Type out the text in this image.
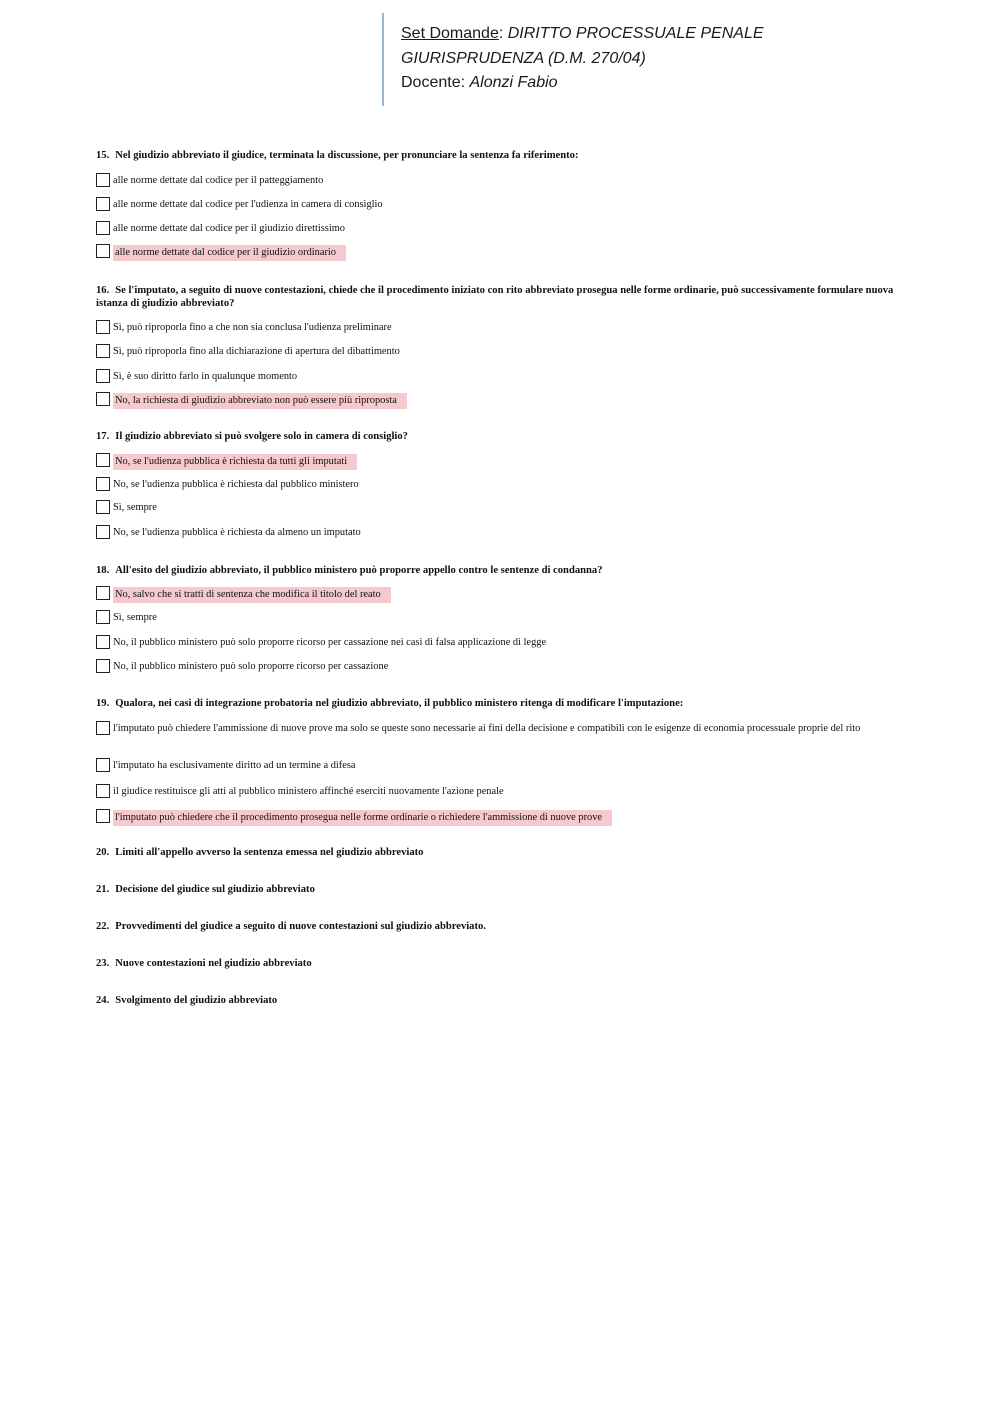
Set Domande: DIRITTO PROCESSUALE PENALE
GIURISPRUDENZA (D.M. 270/04)
Docente: Alonzi Fabio
15. Nel giudizio abbreviato il giudice, terminata la discussione, per pronunciare la sentenza fa riferimento:
alle norme dettate dal codice per il patteggiamento
alle norme dettate dal codice per l'udienza in camera di consiglio
alle norme dettate dal codice per il giudizio direttissimo
alle norme dettate dal codice per il giudizio ordinario
16. Se l'imputato, a seguito di nuove contestazioni, chiede che il procedimento iniziato con rito abbreviato prosegua nelle forme ordinarie, può successivamente formulare nuova istanza di giudizio abbreviato?
Sì, può riproporla fino a che non sia conclusa l'udienza preliminare
Sì, può riproporla fino alla dichiarazione di apertura del dibattimento
Sì, è suo diritto farlo in qualunque momento
No, la richiesta di giudizio abbreviato non può essere più riproposta
17. Il giudizio abbreviato si può svolgere solo in camera di consiglio?
No, se l'udienza pubblica è richiesta da tutti gli imputati
No, se l'udienza pubblica è richiesta dal pubblico ministero
Sì, sempre
No, se l'udienza pubblica è richiesta da almeno un imputato
18. All'esito del giudizio abbreviato, il pubblico ministero può proporre appello contro le sentenze di condanna?
No, salvo che si tratti di sentenza che modifica il titolo del reato
Sì, sempre
No, il pubblico ministero può solo proporre ricorso per cassazione nei casi di falsa applicazione di legge
No, il pubblico ministero può solo proporre ricorso per cassazione
19. Qualora, nei casi di integrazione probatoria nel giudizio abbreviato, il pubblico ministero ritenga di modificare l'imputazione:
l'imputato può chiedere l'ammissione di nuove prove ma solo se queste sono necessarie ai fini della decisione e compatibili con le esigenze di economia processuale proprie del rito
l'imputato ha esclusivamente diritto ad un termine a difesa
il giudice restituisce gli atti al pubblico ministero affinché eserciti nuovamente l'azione penale
l'imputato può chiedere che il procedimento prosegua nelle forme ordinarie o richiedere l'ammissione di nuove prove
20. Limiti all'appello avverso la sentenza emessa nel giudizio abbreviato
21. Decisione del giudice sul giudizio abbreviato
22. Provvedimenti del giudice a seguito di nuove contestazioni sul giudizio abbreviato.
23. Nuove contestazioni nel giudizio abbreviato
24. Svolgimento del giudizio abbreviato
